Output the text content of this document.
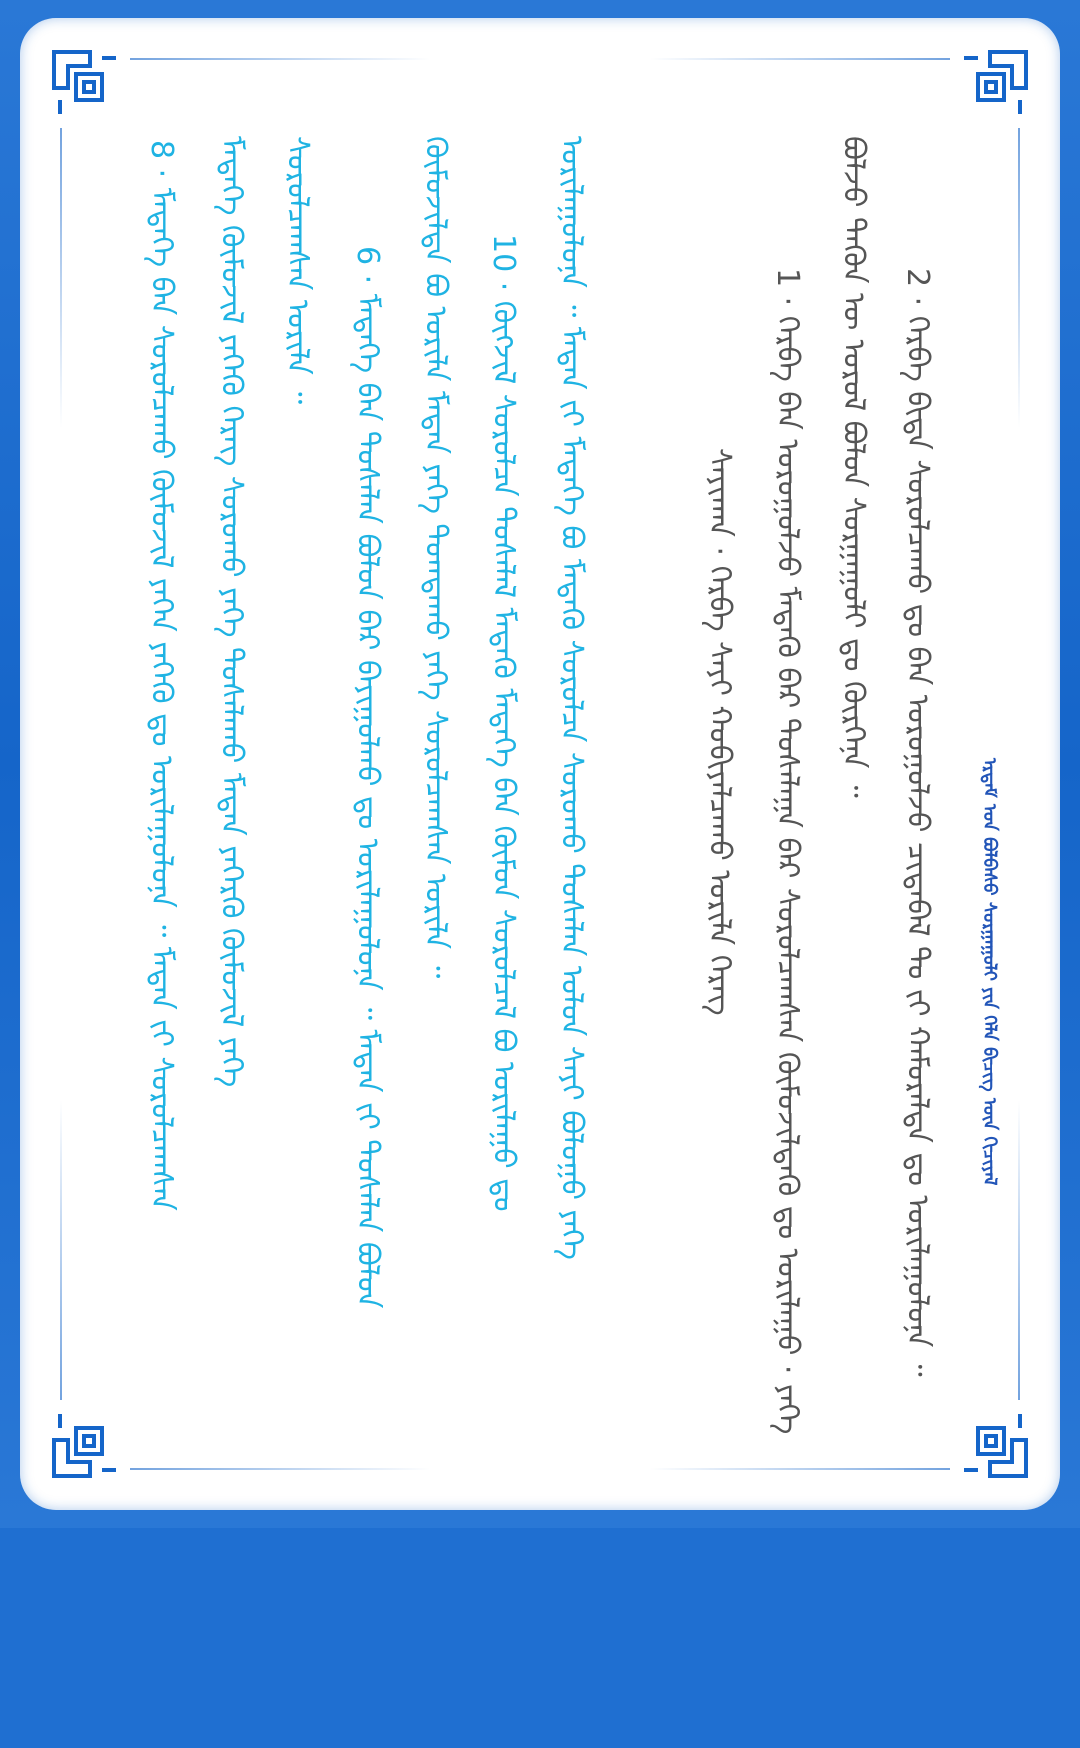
8 · ᠮᠡᠳᠡᠭᠡ ᠪᠠᠨ ᠰᠤᠷᠤᠯᠴᠠᠬᠤ ᠬᠥᠮᠦᠵᠢᠯ ᠶᠡᠬᠡᠨ ᠶᠡᠬᠡᠬᠦ ᠳᠤ ᠤᠷᠢᠯᠠᠭᠤᠯᠤᠨᠠ ᠃ ᠮᠡᠳᠡᠨ ᠶ᠋ᠢ ᠰᠤᠷᠤᠯᠴᠠᠭᠰᠠᠨ ᠮᠡᠳᠡᠭᠡ ᠬᠥᠮᠦᠵᠢᠯ ᠶᠡᠬᠡᠬᠦ ᠬᠡᠷᠡᠭ ᠰᠤᠷᠤᠬᠤ ᠶᠡᠬᠡ ᠲᠤᠰᠠᠯᠠᠬᠤ ᠮᠡᠳᠡᠨ ᠶᠡᠬᠡᠷᠬᠦ ᠬᠥᠮᠦᠵᠢᠯ ᠶᠡᠬᠡ ᠰᠤᠷᠤᠯᠴᠠᠭᠰᠠᠨ ᠤᠷᠢᠯᠠ ᠃ 6 · ᠮᠡᠳᠡᠭᠡ ᠪᠠᠨ ᠲᠤᠰᠠᠯᠠᠨ ᠪᠣᠯᠤᠨ ᠪᠠᠷ ᠪᠠᠶᠢᠭᠤᠯᠬᠤ ᠳᠤ ᠤᠷᠢᠯᠠᠭᠤᠯᠤᠨᠠ ᠃ ᠮᠡᠳᠡᠨ ᠶ᠋ᠢ ᠲᠤᠰᠠᠯᠠᠨ ᠪᠣᠯᠤᠨ ᠬᠥᠮᠦᠵᠢᠯᠲᠡ ᠪᠣ ᠤᠷᠢᠯᠠ ᠮᠡᠳᠡᠨ ᠶᠡᠬᠡ ᠲᠣᠭᠲᠠᠬᠤ ᠶᠡᠬᠡ ᠰᠤᠷᠤᠯᠴᠠᠭᠰᠠᠨ ᠤᠷᠢᠯᠠ ᠃ 10 · ᠬᠥᠭᠵᠢᠯ ᠰᠤᠷᠤᠯᠴᠠ ᠲᠤᠰᠠᠯᠠᠯ ᠮᠡᠳᠡᠬᠦ ᠮᠡᠳᠡᠭᠡ ᠪᠠᠨ ᠬᠦᠮᠦᠨ ᠰᠤᠷᠤᠯᠴᠠᠯ ᠪᠣ ᠤᠷᠢᠯᠠᠭᠤ ᠳᠤ ᠤᠷᠢᠯᠠᠭᠤᠯᠤᠨᠠ ᠃ ᠮᠡᠳᠡᠨ ᠶ᠋ᠢ ᠮᠡᠳᠡᠭᠡ ᠪᠣ ᠮᠡᠳᠡᠬᠦ ᠰᠤᠷᠤᠯᠴᠠ ᠰᠤᠷᠤᠬᠤ ᠲᠤᠰᠠᠯᠠᠨ ᠤᠯᠤᠨ ᠰᠠᠶᠢ ᠪᠣᠯᠤᠭᠤ ᠶᠡᠬᠡ	ᠰᠠᠶᠢᠬᠠᠨ · ᠬᠡᠷᠪᠡ ᠰᠠᠶᠢ ᠬᠤᠪᠢᠶᠠᠯᠴᠠᠬᠤ ᠤᠷᠢᠯᠠ ᠬᠡᠷᠡᠭ 1 · ᠬᠡᠷᠪᠡ ᠪᠠᠨ ᠤᠷᠤᠭᠤᠯᠵᠤ ᠮᠡᠳᠡᠬᠦ ᠪᠡᠷ ᠲᠤᠰᠠᠯᠠᠭᠠ ᠪᠡᠷ ᠰᠤᠷᠤᠯᠴᠠᠭᠰᠠᠨ ᠬᠥᠮᠦᠵᠢᠯᠲᠡᠬᠦ ᠳᠤ ᠤᠷᠢᠯᠠᠭᠤ · ᠶᠡᠬᠡ ᠪᠣᠯᠵᠤ ᠲᠡᠭᠦᠨ ᠦ ᠤᠷᠤᠯ ᠪᠣᠯᠤᠨ ᠰᠤᠷᠭᠠᠭᠤᠯᠢ ᠳᠤ ᠬᠦᠷᠭᠡᠨᠡ ᠃ 2 · ᠬᠡᠷᠪᠡ ᠪᠢᠳᠡ ᠰᠤᠷᠤᠯᠴᠠᠬᠤ ᠳᠤ ᠪᠡᠨ ᠤᠷᠤᠭᠤᠯᠵᠤ ᠴᠢᠳᠠᠪᠠᠯ ᠲᠤ ᠶ᠋ᠢ ᠬᠠᠮᠤᠷᠠᠯᠲᠠ ᠳᠤ ᠤᠷᠢᠯᠠᠭᠤᠯᠤᠨᠠ ᠃ ᠡᠷᠳᠡᠮ ᠤᠨ ᠪᠣᠯᠪᠠᠰᠤ ᠰᠤᠷᠭᠠᠭᠤᠯᠢ ᠶᠢᠨ ᠬᠡᠯᠡ ᠪᠢᠴᠢᠭ ᠦᠨ ᠬᠢᠴᠢᠶᠡᠯ
